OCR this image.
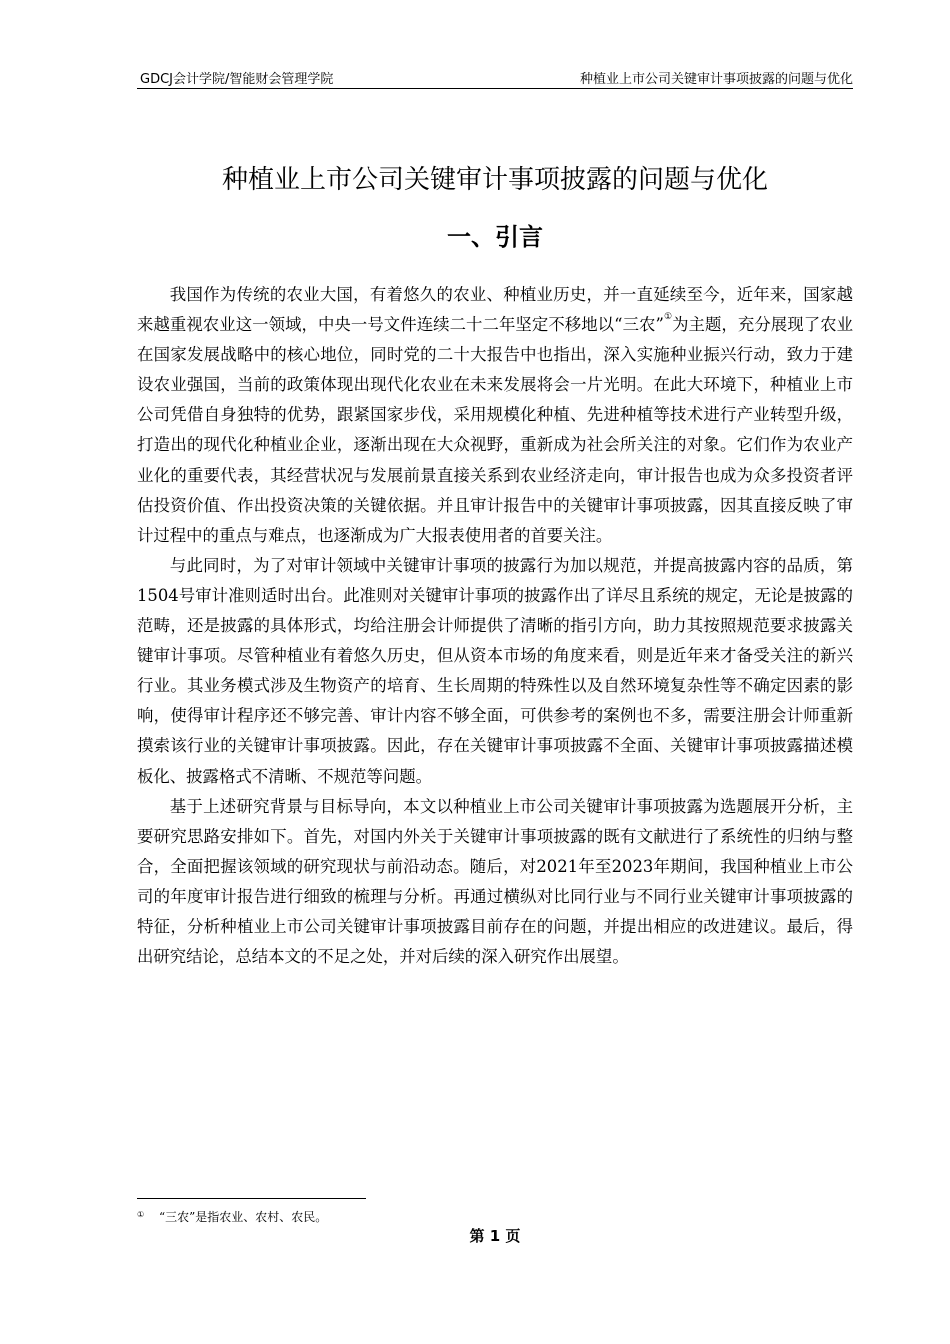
GDCJ会计学院/智能财会管理学院	种植业上市公司关键审计事项披露的问题与优化
种植业上市公司关键审计事项披露的问题与优化
一、引言

我国作为传统的农业大国，有着悠久的农业、种植业历史，并一直延续至今，近年来，国家越来越重视农业这一领域，中央一号文件连续二十二年坚定不移地以“三农”①为主题，充分展现了农业在国家发展战略中的核心地位，同时党的二十大报告中也指出，深入实施种业振兴行动，致力于建设农业强国，当前的政策体现出现代化农业在未来发展将会一片光明。在此大环境下，种植业上市公司凭借自身独特的优势，跟紧国家步伐，采用规模化种植、先进种植等技术进行产业转型升级，打造出的现代化种植业企业，逐渐出现在大众视野，重新成为社会所关注的对象。它们作为农业产业化的重要代表，其经营状况与发展前景直接关系到农业经济走向，审计报告也成为众多投资者评估投资价值、作出投资决策的关键依据。并且审计报告中的关键审计事项披露，因其直接反映了审计过程中的重点与难点，也逐渐成为广大报表使用者的首要关注。

与此同时，为了对审计领域中关键审计事项的披露行为加以规范，并提高披露内容的品质，第1504号审计准则适时出台。此准则对关键审计事项的披露作出了详尽且系统的规定，无论是披露的范畴，还是披露的具体形式，均给注册会计师提供了清晰的指引方向，助力其按照规范要求披露关键审计事项。尽管种植业有着悠久历史，但从资本市场的角度来看，则是近年来才备受关注的新兴行业。其业务模式涉及生物资产的培育、生长周期的特殊性以及自然环境复杂性等不确定因素的影响，使得审计程序还不够完善、审计内容不够全面，可供参考的案例也不多，需要注册会计师重新摸索该行业的关键审计事项披露。因此，存在关键审计事项披露不全面、关键审计事项披露描述模板化、披露格式不清晰、不规范等问题。

基于上述研究背景与目标导向，本文以种植业上市公司关键审计事项披露为选题展开分析，主要研究思路安排如下。首先，对国内外关于关键审计事项披露的既有文献进行了系统性的归纳与整合，全面把握该领域的研究现状与前沿动态。随后，对2021年至2023年期间，我国种植业上市公司的年度审计报告进行细致的梳理与分析。再通过横纵对比同行业与不同行业关键审计事项披露的特征，分析种植业上市公司关键审计事项披露目前存在的问题，并提出相应的改进建议。最后，得出研究结论，总结本文的不足之处，并对后续的深入研究作出展望。

① “三农”是指农业、农村、农民。
第 1 页
